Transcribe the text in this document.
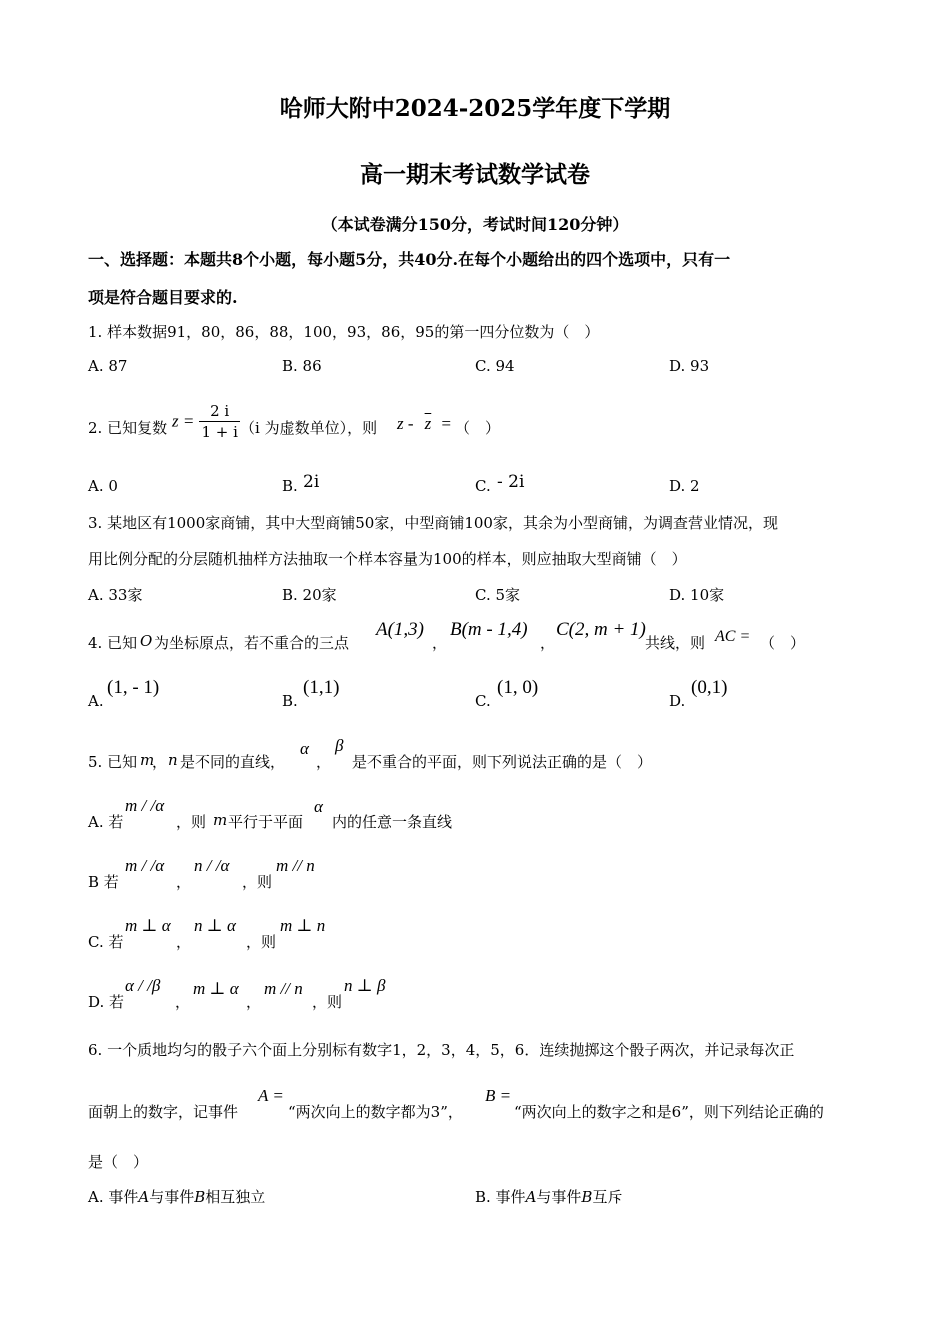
哈师大附中2024-2025学年度下学期
高一期末考试数学试卷
（本试卷满分150分，考试时间120分钟）
一、选择题：本题共8个小题，每小题5分，共40分.在每个小题给出的四个选项中，只有一
项是符合题目要求的.
1. 样本数据91，80，86，88，100，93，86，95的第一四分位数为（　）
A. 87	B. 86	C. 94	D. 93
2. 已知复数 $z = \frac{2 i}{1 + i} (i$ 为虚数单位），则 z - $\overline{z}$ = （　）
A. 0	B. 2i	C. - 2i	D. 2
3. 某地区有1000家商铺，其中大型商铺50家，中型商铺100家，其余为小型商铺，为调查营业情况，现
用比例分配的分层随机抽样方法抽取一个样本容量为100的样本，则应抽取大型商铺（　）
A. 33家	B. 20家	C. 5家	D. 10家
4. 已知 O 为坐标原点，若不重合的三点
A(1,3)
，
B(m - 1,4)
，
C(2, m + 1)
共线，则 AC = （　）
A.
(1, - 1)
B.
(1,1)
C.
(1, 0)
D.
(0,1)
5. 已知 m
， n 是不同的直线，
α
，
β
是不重合的平面，则下列说法正确的是（　）
A. 若
m / /α
，则 m 平行于平面
α
内的任意一条直线
B 若
m / /α
，
n / /α
，则
m // n
C. 若
m ⊥ α
，
n ⊥ α
，则
m ⊥ n
D. 若
α / /β
，
m ⊥ α
，
m // n
，则
n ⊥ β
6. 一个质地均匀的骰子六个面上分别标有数字1，2，3，4，5，6．连续抛掷这个骰子两次，并记录每次正
面朝上的数字，记事件
A =
“两次向上的数字都为3”，
B =
“两次向上的数字之和是6”，则下列结论正确的
是（　）
A. 事件A与事件B相互独立	B. 事件A与事件B互斥
